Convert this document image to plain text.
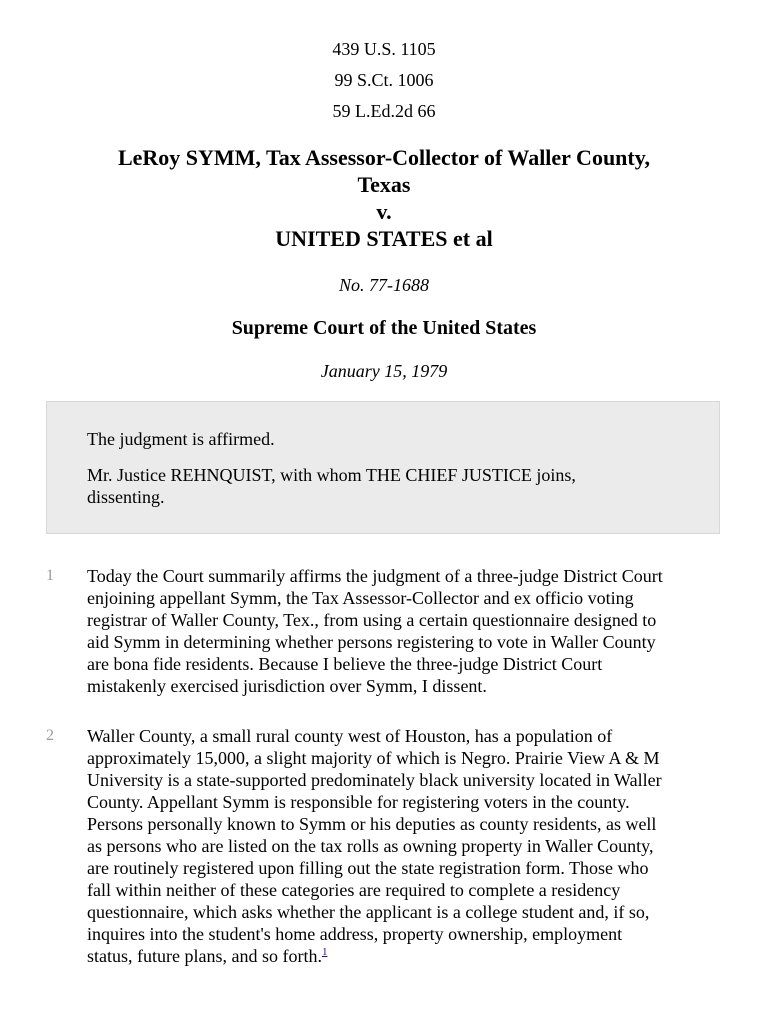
439 U.S. 1105
99 S.Ct. 1006
59 L.Ed.2d 66
LeRoy SYMM, Tax Assessor-Collector of Waller County,
Texas
v.
UNITED STATES et al
No. 77-1688
Supreme Court of the United States
January 15, 1979

The judgment is affirmed.

Mr. Justice REHNQUIST, with whom THE CHIEF JUSTICE joins,
dissenting.

1 Today the Court summarily affirms the judgment of a three-judge District Court
enjoining appellant Symm, the Tax Assessor-Collector and ex officio voting
registrar of Waller County, Tex., from using a certain questionnaire designed to
aid Symm in determining whether persons registering to vote in Waller County
are bona fide residents. Because I believe the three-judge District Court
mistakenly exercised jurisdiction over Symm, I dissent.

2 Waller County, a small rural county west of Houston, has a population of
approximately 15,000, a slight majority of which is Negro. Prairie View A & M
University is a state-supported predominately black university located in Waller
County. Appellant Symm is responsible for registering voters in the county.
Persons personally known to Symm or his deputies as county residents, as well
as persons who are listed on the tax rolls as owning property in Waller County,
are routinely registered upon filling out the state registration form. Those who
fall within neither of these categories are required to complete a residency
questionnaire, which asks whether the applicant is a college student and, if so,
inquires into the student's home address, property ownership, employment
status, future plans, and so forth.$^1$
